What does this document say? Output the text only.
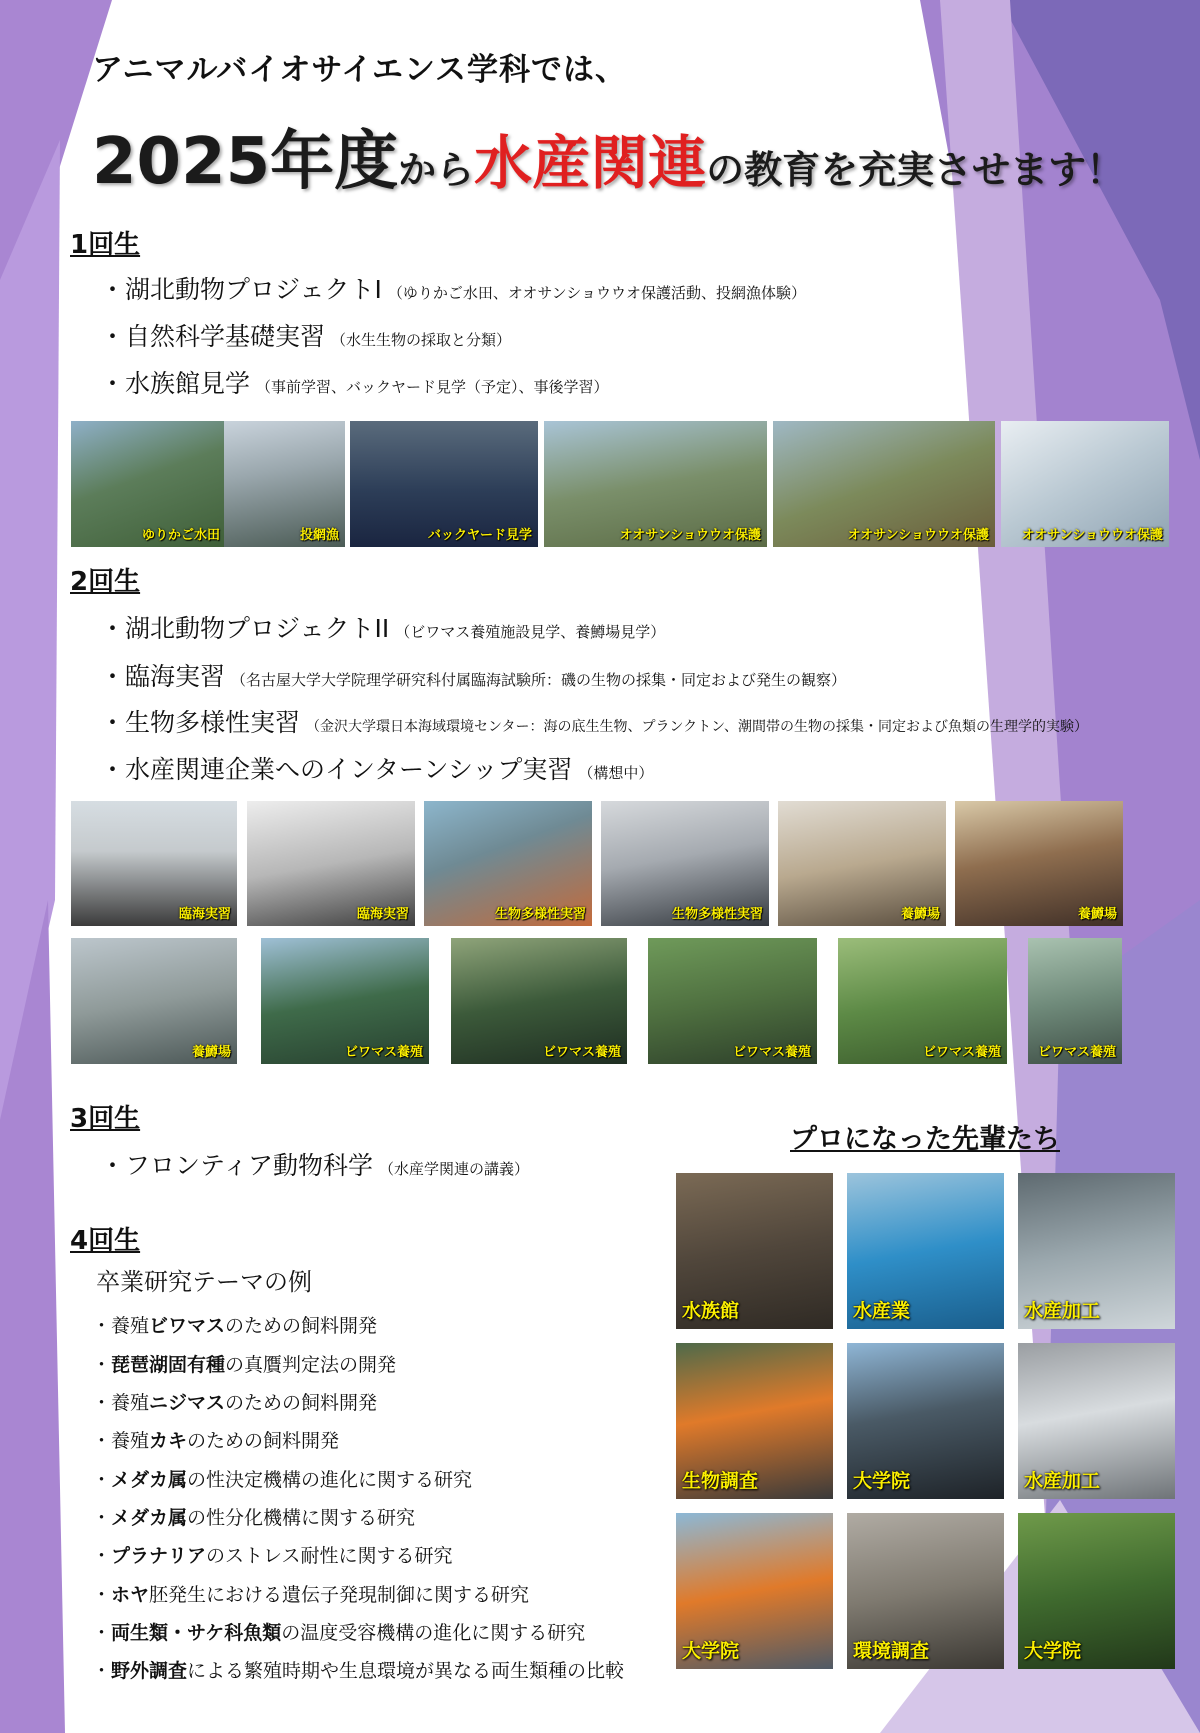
アニマルバイオサイエンス学科では、
2025年度から水産関連の教育を充実させます！
1回生
・湖北動物プロジェクトI （ゆりかご水田、オオサンショウウオ保護活動、投網漁体験）
・自然科学基礎実習 （水生生物の採取と分類）
・水族館見学 （事前学習、バックヤード見学（予定）、事後学習）
ゆりかご水田	投網漁	バックヤード見学	オオサンショウウオ保護	オオサンショウウオ保護	オオサンショウウオ保護
2回生
・湖北動物プロジェクトII （ビワマス養殖施設見学、養鱒場見学）
・臨海実習 （名古屋大学大学院理学研究科付属臨海試験所：磯の生物の採集・同定および発生の観察）
・生物多様性実習 （金沢大学環日本海域環境センター：海の底生生物、プランクトン、潮間帯の生物の採集・同定および魚類の生理学的実験）
・水産関連企業へのインターンシップ実習 （構想中）
臨海実習	臨海実習	生物多様性実習	生物多様性実習	養鱒場	養鱒場
養鱒場	ビワマス養殖	ビワマス養殖	ビワマス養殖	ビワマス養殖	ビワマス養殖
3回生
・フロンティア動物科学 （水産学関連の講義）
4回生
卒業研究テーマの例
・養殖ビワマスのための飼料開発
・琵琶湖固有種の真贋判定法の開発
・養殖ニジマスのための飼料開発
・養殖カキのための飼料開発
・メダカ属の性決定機構の進化に関する研究
・メダカ属の性分化機構に関する研究
・プラナリアのストレス耐性に関する研究
・ホヤ胚発生における遺伝子発現制御に関する研究
・両生類・サケ科魚類の温度受容機構の進化に関する研究
・野外調査による繁殖時期や生息環境が異なる両生類種の比較
プロになった先輩たち
水族館	水産業	水産加工
生物調査	大学院	水産加工
大学院	環境調査	大学院
